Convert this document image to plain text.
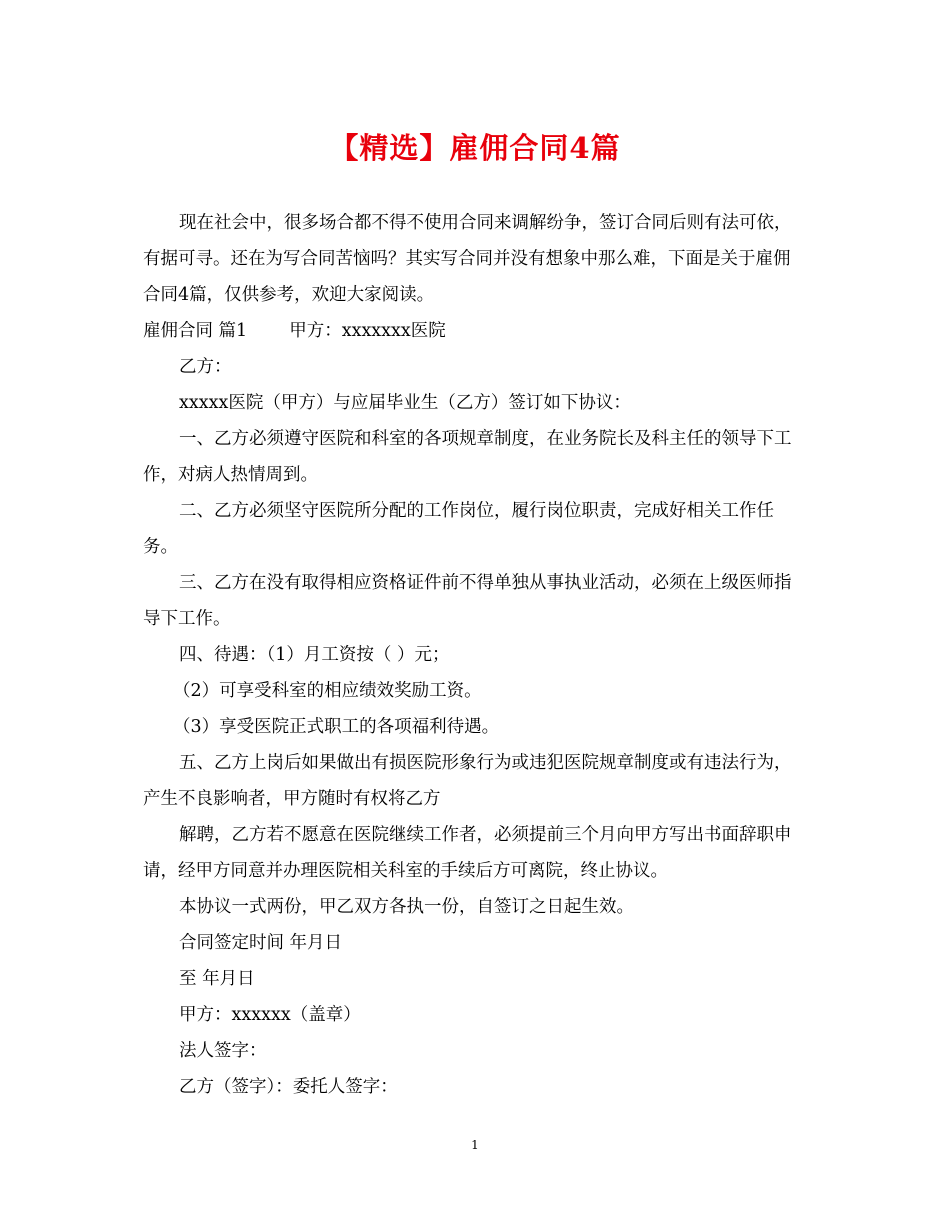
【精选】雇佣合同4篇

现在社会中，很多场合都不得不使用合同来调解纷争，签订合同后则有法可依，有据可寻。还在为写合同苦恼吗？其实写合同并没有想象中那么难，下面是关于雇佣合同4篇，仅供参考，欢迎大家阅读。

雇佣合同 篇1 甲方：xxxxxxx医院

乙方：

xxxxx医院（甲方）与应届毕业生（乙方）签订如下协议：

一、乙方必须遵守医院和科室的各项规章制度，在业务院长及科主任的领导下工作，对病人热情周到。

二、乙方必须坚守医院所分配的工作岗位，履行岗位职责，完成好相关工作任务。

三、乙方在没有取得相应资格证件前不得单独从事执业活动，必须在上级医师指导下工作。

四、待遇：（1）月工资按（ ）元；

（2）可享受科室的相应绩效奖励工资。

（3）享受医院正式职工的各项福利待遇。

五、乙方上岗后如果做出有损医院形象行为或违犯医院规章制度或有违法行为，产生不良影响者，甲方随时有权将乙方

解聘，乙方若不愿意在医院继续工作者，必须提前三个月向甲方写出书面辞职申请，经甲方同意并办理医院相关科室的手续后方可离院，终止协议。

本协议一式两份，甲乙双方各执一份，自签订之日起生效。

合同签定时间 年月日

至 年月日

甲方：xxxxxx（盖章）

法人签字：

乙方（签字）：委托人签字：

1
